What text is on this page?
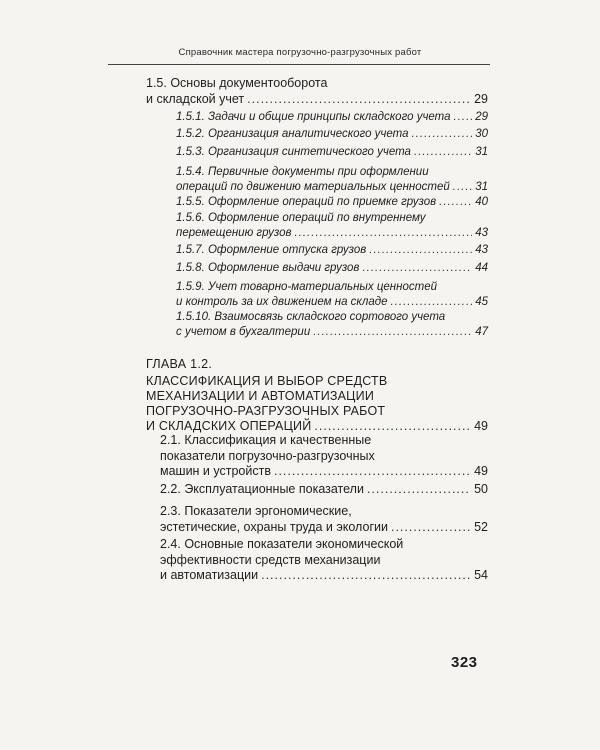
Справочник мастера погрузочно-разгрузочных работ
1.5. Основы документооборота
и складской учет .....	29
1.5.1. Задачи и общие принципы складского учета ..... 29
1.5.2. Организация аналитического учета .....	30
1.5.3. Организация синтетического учета .....	31
1.5.4. Первичные документы при оформлении
операций по движению материальных ценностей ..... 31
1.5.5. Оформление операций по приемке грузов .....	40
1.5.6. Оформление операций по внутреннему
перемещению грузов .....	43
1.5.7. Оформление отпуска грузов .....	43
1.5.8. Оформление выдачи грузов .....	44
1.5.9. Учет товарно-материальных ценностей
и контроль за их движением на складе .....	45
1.5.10. Взаимосвязь складского сортового учета
с учетом в бухгалтерии .....	47
ГЛАВА 1.2.
КЛАССИФИКАЦИЯ И ВЫБОР СРЕДСТВ
МЕХАНИЗАЦИИ И АВТОМАТИЗАЦИИ
ПОГРУЗОЧНО-РАЗГРУЗОЧНЫХ РАБОТ
И СКЛАДСКИХ ОПЕРАЦИЙ .....	49
2.1. Классификация и качественные
показатели погрузочно-разгрузочных
машин и устройств .....	49
2.2. Эксплуатационные показатели .....	50
2.3. Показатели эргономические,
эстетические, охраны труда и экологии .....	52
2.4. Основные показатели экономической
эффективности средств механизации
и автоматизации .....	54
323
